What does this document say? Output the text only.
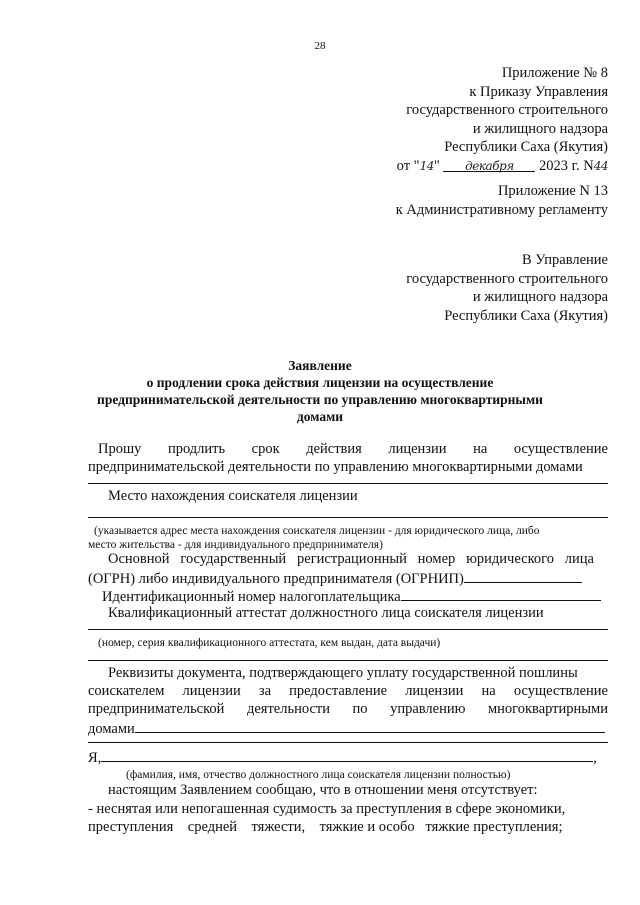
28
Приложение № 8
к Приказу Управления
государственного строительного
и жилищного надзора
Республики Саха (Якутия)
от "14" декабря 2023 г. N44
Приложение N 13
к Административному регламенту
В Управление
государственного строительного
и жилищного надзора
Республики Саха (Якутия)
Заявление
о продлении срока действия лицензии на осуществление
предпринимательской деятельности по управлению многоквартирными
домами
Прошу продлить срок действия лицензии на осуществление
предпринимательской деятельности по управлению многоквартирными домами
Место нахождения соискателя лицензии
(указывается адрес места нахождения соискателя лицензии - для юридического лица, либо
место жительства - для индивидуального предпринимателя)
Основной государственный регистрационный номер юридического лица
(ОГРН) либо индивидуального предпринимателя (ОГРНИП)
Идентификационный номер налогоплательщика
Квалификационный аттестат должностного лица соискателя лицензии
(номер, серия квалификационного аттестата, кем выдан, дата выдачи)
Реквизиты документа, подтверждающего уплату государственной пошлины
соискателем лицензии за предоставление лицензии на осуществление
предпринимательской деятельности по управлению многоквартирными
домами
Я,	,
(фамилия, имя, отчество должностного лица соискателя лицензии полностью)
настоящим Заявлением сообщаю, что в отношении меня отсутствует:
- неснятая или непогашенная судимость за преступления в сфере экономики,
преступления    средней    тяжести,    тяжкие и особо   тяжкие преступления;
